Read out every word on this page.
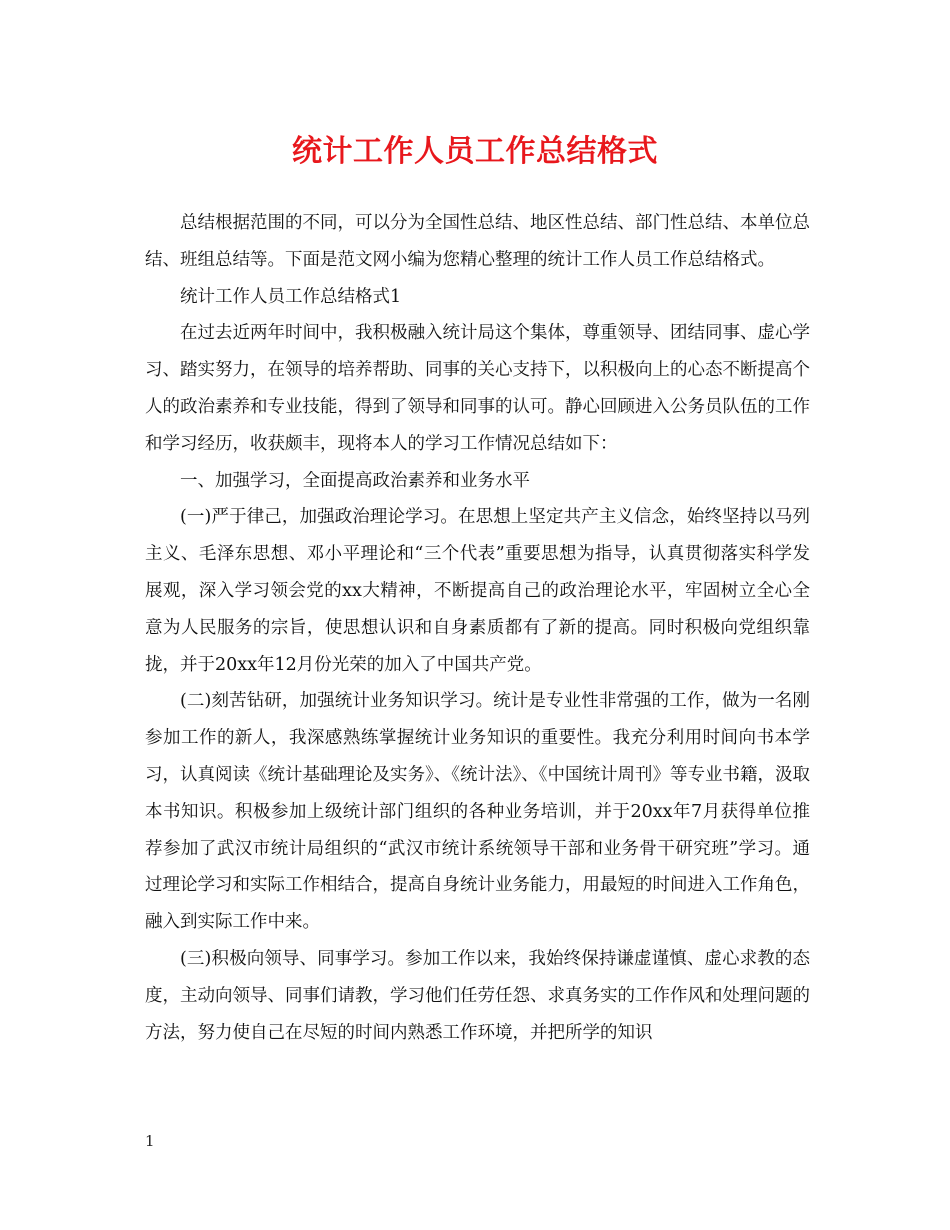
统计工作人员工作总结格式

总结根据范围的不同，可以分为全国性总结、地区性总结、部门性总结、本单位总结、班组总结等。下面是范文网小编为您精心整理的统计工作人员工作总结格式。

统计工作人员工作总结格式1

在过去近两年时间中，我积极融入统计局这个集体，尊重领导、团结同事、虚心学习、踏实努力，在领导的培养帮助、同事的关心支持下，以积极向上的心态不断提高个人的政治素养和专业技能，得到了领导和同事的认可。静心回顾进入公务员队伍的工作和学习经历，收获颇丰，现将本人的学习工作情况总结如下：

一、加强学习，全面提高政治素养和业务水平

(一)严于律己，加强政治理论学习。在思想上坚定共产主义信念，始终坚持以马列主义、毛泽东思想、邓小平理论和“三个代表”重要思想为指导，认真贯彻落实科学发展观，深入学习领会党的xx大精神，不断提高自己的政治理论水平，牢固树立全心全意为人民服务的宗旨，使思想认识和自身素质都有了新的提高。同时积极向党组织靠拢，并于20xx年12月份光荣的加入了中国共产党。

(二)刻苦钻研，加强统计业务知识学习。统计是专业性非常强的工作，做为一名刚参加工作的新人，我深感熟练掌握统计业务知识的重要性。我充分利用时间向书本学习，认真阅读《统计基础理论及实务》、《统计法》、《中国统计周刊》等专业书籍，汲取本书知识。积极参加上级统计部门组织的各种业务培训，并于20xx年7月获得单位推荐参加了武汉市统计局组织的“武汉市统计系统领导干部和业务骨干研究班”学习。通过理论学习和实际工作相结合，提高自身统计业务能力，用最短的时间进入工作角色，融入到实际工作中来。

(三)积极向领导、同事学习。参加工作以来，我始终保持谦虚谨慎、虚心求教的态度，主动向领导、同事们请教，学习他们任劳任怨、求真务实的工作作风和处理问题的方法，努力使自己在尽短的时间内熟悉工作环境，并把所学的知识

1
